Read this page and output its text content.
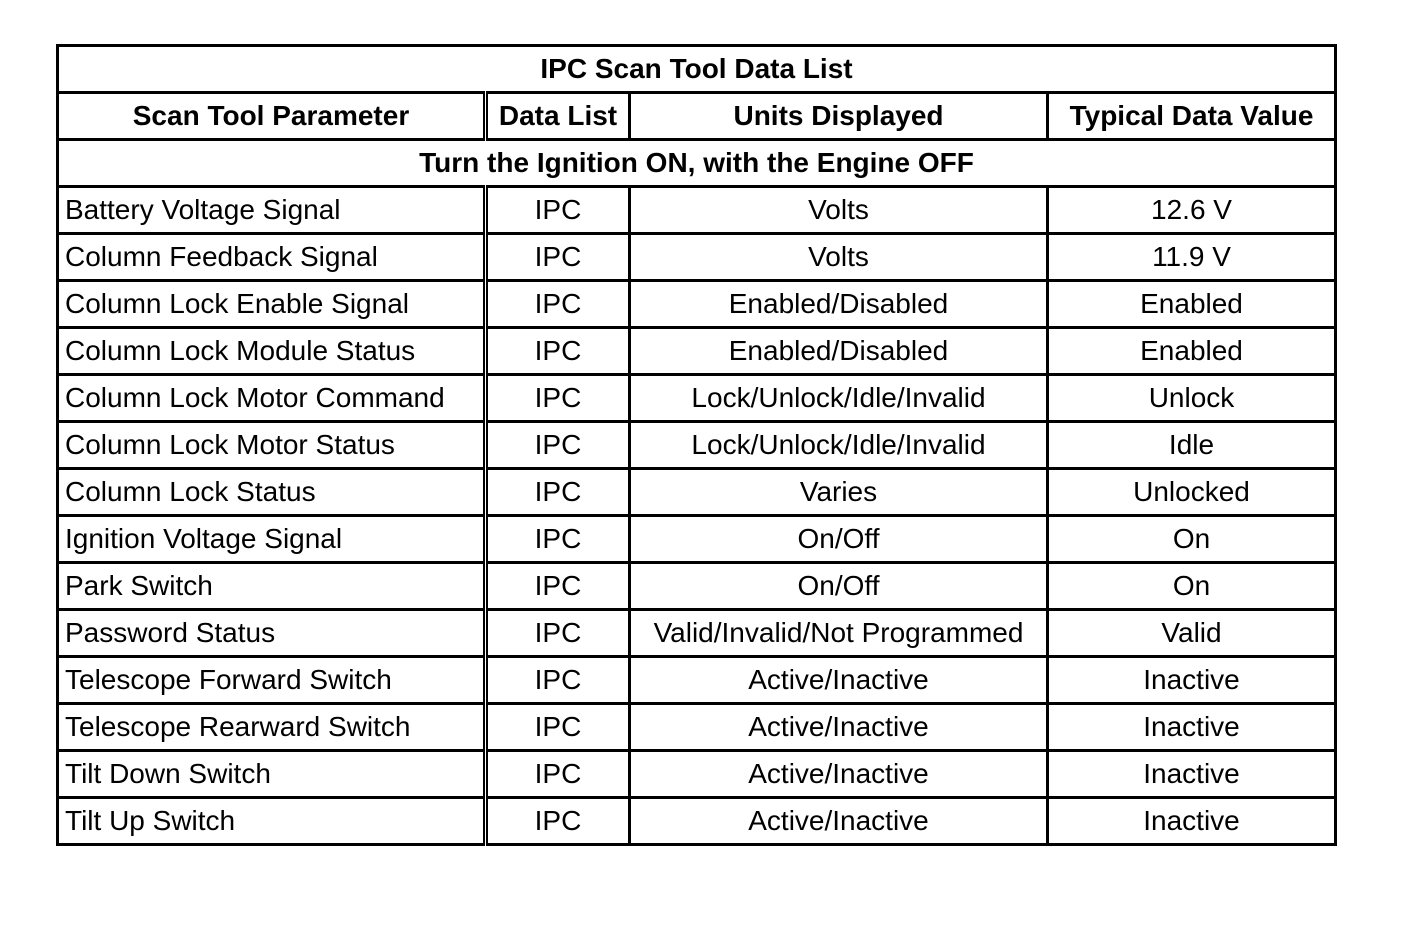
IPC Scan Tool Data List			
Scan Tool Parameter	Data List	Units Displayed	Typical Data Value
Turn the Ignition ON, with the Engine OFF			
Battery Voltage Signal	IPC	Volts	12.6 V
Column Feedback Signal	IPC	Volts	11.9 V
Column Lock Enable Signal	IPC	Enabled/Disabled	Enabled
Column Lock Module Status	IPC	Enabled/Disabled	Enabled
Column Lock Motor Command	IPC	Lock/Unlock/Idle/Invalid	Unlock
Column Lock Motor Status	IPC	Lock/Unlock/Idle/Invalid	Idle
Column Lock Status	IPC	Varies	Unlocked
Ignition Voltage Signal	IPC	On/Off	On
Park Switch	IPC	On/Off	On
Password Status	IPC	Valid/Invalid/Not Programmed	Valid
Telescope Forward Switch	IPC	Active/Inactive	Inactive
Telescope Rearward Switch	IPC	Active/Inactive	Inactive
Tilt Down Switch	IPC	Active/Inactive	Inactive
Tilt Up Switch	IPC	Active/Inactive	Inactive
